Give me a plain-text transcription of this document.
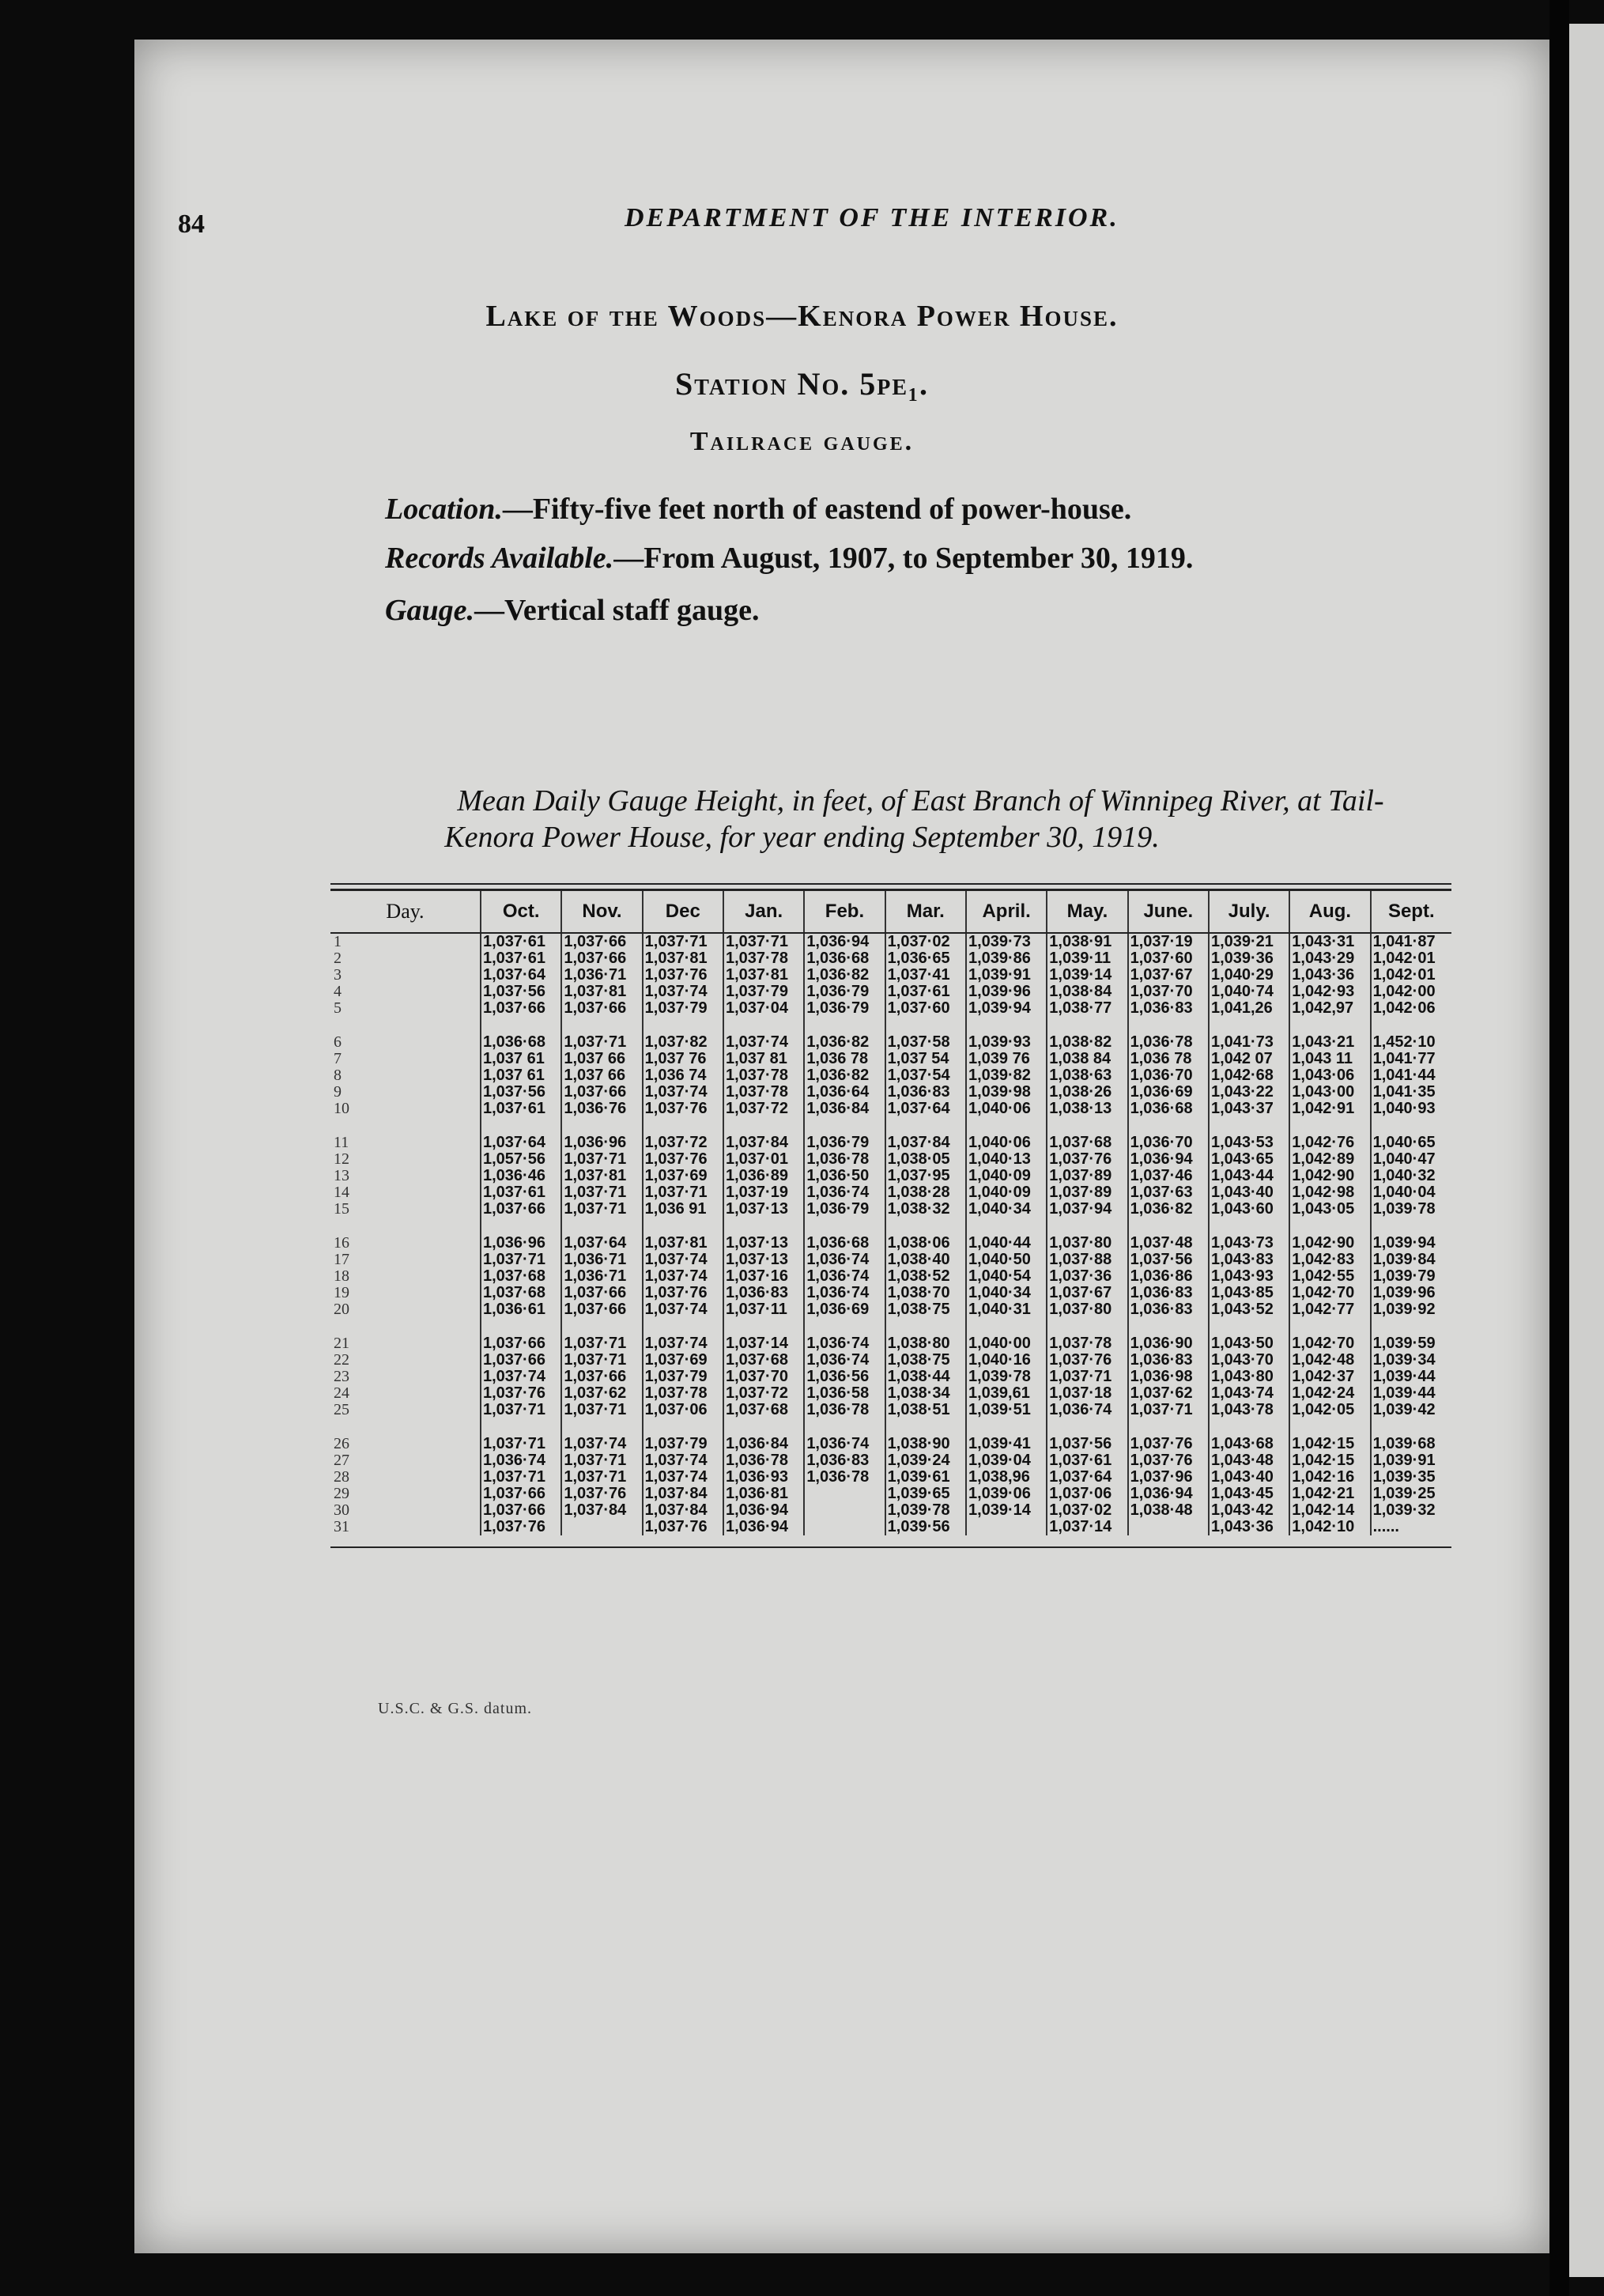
84	DEPARTMENT OF THE INTERIOR.
Lake of the Woods—Kenora Power House.
Station No. 5pe₁.
Tailrace gauge.
Location.—Fifty-five feet north of eastend of power-house.
Records Available.—From August, 1907, to September 30, 1919.
Gauge.—Vertical staff gauge.
Mean Daily Gauge Height, in feet, of East Branch of Winnipeg River, at Tail-
Kenora Power House, for year ending September 30, 1919.
Day.	Oct.	Nov.	Dec	Jan.	Feb.	Mar.	April.	May.	June.	July.	Aug.	Sept.
1	1,037·61	1,037·66	1,037·71	1,037·71	1,036·94	1,037·02	1,039·73	1,038·91	1,037·19	1,039·21	1,043·31	1,041·87
2	1,037·61	1,037·66	1,037·81	1,037·78	1,036·68	1,036·65	1,039·86	1,039·11	1,037·60	1,039·36	1,043·29	1,042·01
3	1,037·64	1,036·71	1,037·76	1,037·81	1,036·82	1,037·41	1,039·91	1,039·14	1,037·67	1,040·29	1,043·36	1,042·01
4	1,037·56	1,037·81	1,037·74	1,037·79	1,036·79	1,037·61	1,039·96	1,038·84	1,037·70	1,040·74	1,042·93	1,042·00
5	1,037·66	1,037·66	1,037·79	1,037·04	1,036·79	1,037·60	1,039·94	1,038·77	1,036·83	1,041,26	1,042,97	1,042·06

6	1,036·68	1,037·71	1,037·82	1,037·74	1,036·82	1,037·58	1,039·93	1,038·82	1,036·78	1,041·73	1,043·21	1,452·10
7	1,037 61	1,037 66	1,037 76	1,037 81	1,036 78	1,037 54	1,039 76	1,038 84	1,036 78	1,042 07	1,043 11	1,041·77
8	1,037 61	1,037 66	1,036 74	1,037·78	1,036·82	1,037·54	1,039·82	1,038·63	1,036·70	1,042·68	1,043·06	1,041·44
9	1,037·56	1,037·66	1,037·74	1,037·78	1,036·64	1,036·83	1,039·98	1,038·26	1,036·69	1,043·22	1,043·00	1,041·35
10	1,037·61	1,036·76	1,037·76	1,037·72	1,036·84	1,037·64	1,040·06	1,038·13	1,036·68	1,043·37	1,042·91	1,040·93

11	1,037·64	1,036·96	1,037·72	1,037·84	1,036·79	1,037·84	1,040·06	1,037·68	1,036·70	1,043·53	1,042·76	1,040·65
12	1,057·56	1,037·71	1,037·76	1,037·01	1,036·78	1,038·05	1,040·13	1,037·76	1,036·94	1,043·65	1,042·89	1,040·47
13	1,036·46	1,037·81	1,037·69	1,036·89	1,036·50	1,037·95	1,040·09	1,037·89	1,037·46	1,043·44	1,042·90	1,040·32
14	1,037·61	1,037·71	1,037·71	1,037·19	1,036·74	1,038·28	1,040·09	1,037·89	1,037·63	1,043·40	1,042·98	1,040·04
15	1,037·66	1,037·71	1,036 91	1,037·13	1,036·79	1,038·32	1,040·34	1,037·94	1,036·82	1,043·60	1,043·05	1,039·78

16	1,036·96	1,037·64	1,037·81	1,037·13	1,036·68	1,038·06	1,040·44	1,037·80	1,037·48	1,043·73	1,042·90	1,039·94
17	1,037·71	1,036·71	1,037·74	1,037·13	1,036·74	1,038·40	1,040·50	1,037·88	1,037·56	1,043·83	1,042·83	1,039·84
18	1,037·68	1,036·71	1,037·74	1,037·16	1,036·74	1,038·52	1,040·54	1,037·36	1,036·86	1,043·93	1,042·55	1,039·79
19	1,037·68	1,037·66	1,037·76	1,036·83	1,036·74	1,038·70	1,040·34	1,037·67	1,036·83	1,043·85	1,042·70	1,039·96
20	1,036·61	1,037·66	1,037·74	1,037·11	1,036·69	1,038·75	1,040·31	1,037·80	1,036·83	1,043·52	1,042·77	1,039·92

21	1,037·66	1,037·71	1,037·74	1,037·14	1,036·74	1,038·80	1,040·00	1,037·78	1,036·90	1,043·50	1,042·70	1,039·59
22	1,037·66	1,037·71	1,037·69	1,037·68	1,036·74	1,038·75	1,040·16	1,037·76	1,036·83	1,043·70	1,042·48	1,039·34
23	1,037·74	1,037·66	1,037·79	1,037·70	1,036·56	1,038·44	1,039·78	1,037·71	1,036·98	1,043·80	1,042·37	1,039·44
24	1,037·76	1,037·62	1,037·78	1,037·72	1,036·58	1,038·34	1,039,61	1,037·18	1,037·62	1,043·74	1,042·24	1,039·44
25	1,037·71	1,037·71	1,037·06	1,037·68	1,036·78	1,038·51	1,039·51	1,036·74	1,037·71	1,043·78	1,042·05	1,039·42

26	1,037·71	1,037·74	1,037·79	1,036·84	1,036·74	1,038·90	1,039·41	1,037·56	1,037·76	1,043·68	1,042·15	1,039·68
27	1,036·74	1,037·71	1,037·74	1,036·78	1,036·83	1,039·24	1,039·04	1,037·61	1,037·76	1,043·48	1,042·15	1,039·91
28	1,037·71	1,037·71	1,037·74	1,036·93	1,036·78	1,039·61	1,038,96	1,037·64	1,037·96	1,043·40	1,042·16	1,039·35
29	1,037·66	1,037·76	1,037·84	1,036·81		1,039·65	1,039·06	1,037·06	1,036·94	1,043·45	1,042·21	1,039·25
30	1,037·66	1,037·84	1,037·84	1,036·94		1,039·78	1,039·14	1,037·02	1,038·48	1,043·42	1,042·14	1,039·32
31	1,037·76		1,037·76	1,036·94		1,039·56		1,037·14		1,043·36	1,042·10	......
U.S.C. & G.S. datum.
